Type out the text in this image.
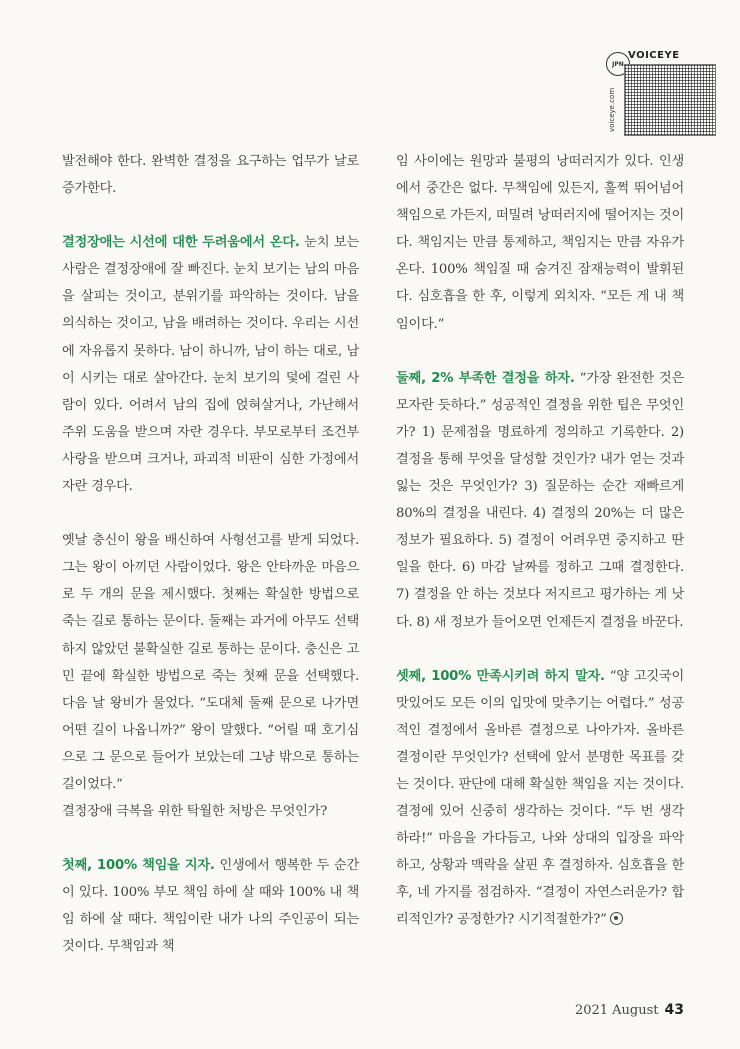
JPN
VOICEYE
voiceye.com

발전해야 한다. 완벽한 결정을 요구하는 업무가 날로 증가한다.

결정장애는 시선에 대한 두려움에서 온다. 눈치 보는 사람은 결정장애에 잘 빠진다. 눈치 보기는 남의 마음을 살피는 것이고, 분위기를 파악하는 것이다. 남을 의식하는 것이고, 남을 배려하는 것이다. 우리는 시선에 자유롭지 못하다. 남이 하니까, 남이 하는 대로, 남이 시키는 대로 살아간다. 눈치 보기의 덫에 걸린 사람이 있다. 어려서 남의 집에 얹혀살거나, 가난해서 주위 도움을 받으며 자란 경우다. 부모로부터 조건부 사랑을 받으며 크거나, 파괴적 비판이 심한 가정에서 자란 경우다.

옛날 충신이 왕을 배신하여 사형선고를 받게 되었다. 그는 왕이 아끼던 사람이었다. 왕은 안타까운 마음으로 두 개의 문을 제시했다. 첫째는 확실한 방법으로 죽는 길로 통하는 문이다. 둘째는 과거에 아무도 선택하지 않았던 불확실한 길로 통하는 문이다. 충신은 고민 끝에 확실한 방법으로 죽는 첫째 문을 선택했다. 다음 날 왕비가 물었다. “도대체 둘째 문으로 나가면 어떤 길이 나옵니까?” 왕이 말했다. “어릴 때 호기심으로 그 문으로 들어가 보았는데 그냥 밖으로 통하는 길이었다.”

결정장애 극복을 위한 탁월한 처방은 무엇인가?

첫째, 100% 책임을 지자. 인생에서 행복한 두 순간이 있다. 100% 부모 책임 하에 살 때와 100% 내 책임 하에 살 때다. 책임이란 내가 나의 주인공이 되는 것이다. 무책임과 책

임 사이에는 원망과 불평의 낭떠러지가 있다. 인생에서 중간은 없다. 무책임에 있든지, 훌쩍 뛰어넘어 책임으로 가든지, 떠밀려 낭떠러지에 떨어지는 것이다. 책임지는 만큼 통제하고, 책임지는 만큼 자유가 온다. 100% 책임질 때 숨겨진 잠재능력이 발휘된다. 심호흡을 한 후, 이렇게 외치자. “모든 게 내 책임이다.”

둘째, 2% 부족한 결정을 하자. “가장 완전한 것은 모자란 듯하다.” 성공적인 결정을 위한 팁은 무엇인가? 1) 문제점을 명료하게 정의하고 기록한다. 2) 결정을 통해 무엇을 달성할 것인가? 내가 얻는 것과 잃는 것은 무엇인가? 3) 질문하는 순간 재빠르게 80%의 결정을 내린다. 4) 결정의 20%는 더 많은 정보가 필요하다. 5) 결정이 어려우면 중지하고 딴 일을 한다. 6) 마감 날짜를 정하고 그때 결정한다. 7) 결정을 안 하는 것보다 저지르고 평가하는 게 낫다. 8) 새 정보가 들어오면 언제든지 결정을 바꾼다.

셋째, 100% 만족시키려 하지 말자. “양 고깃국이 맛있어도 모든 이의 입맛에 맞추기는 어렵다.” 성공적인 결정에서 올바른 결정으로 나아가자. 올바른 결정이란 무엇인가? 선택에 앞서 분명한 목표를 갖는 것이다. 판단에 대해 확실한 책임을 지는 것이다. 결정에 있어 신중히 생각하는 것이다. “두 번 생각하라!” 마음을 가다듬고, 나와 상대의 입장을 파악하고, 상황과 맥락을 살핀 후 결정하자. 심호흡을 한 후, 네 가지를 점검하자. “결정이 자연스러운가? 합리적인가? 공정한가? 시기적절한가?”

2021 August 43
